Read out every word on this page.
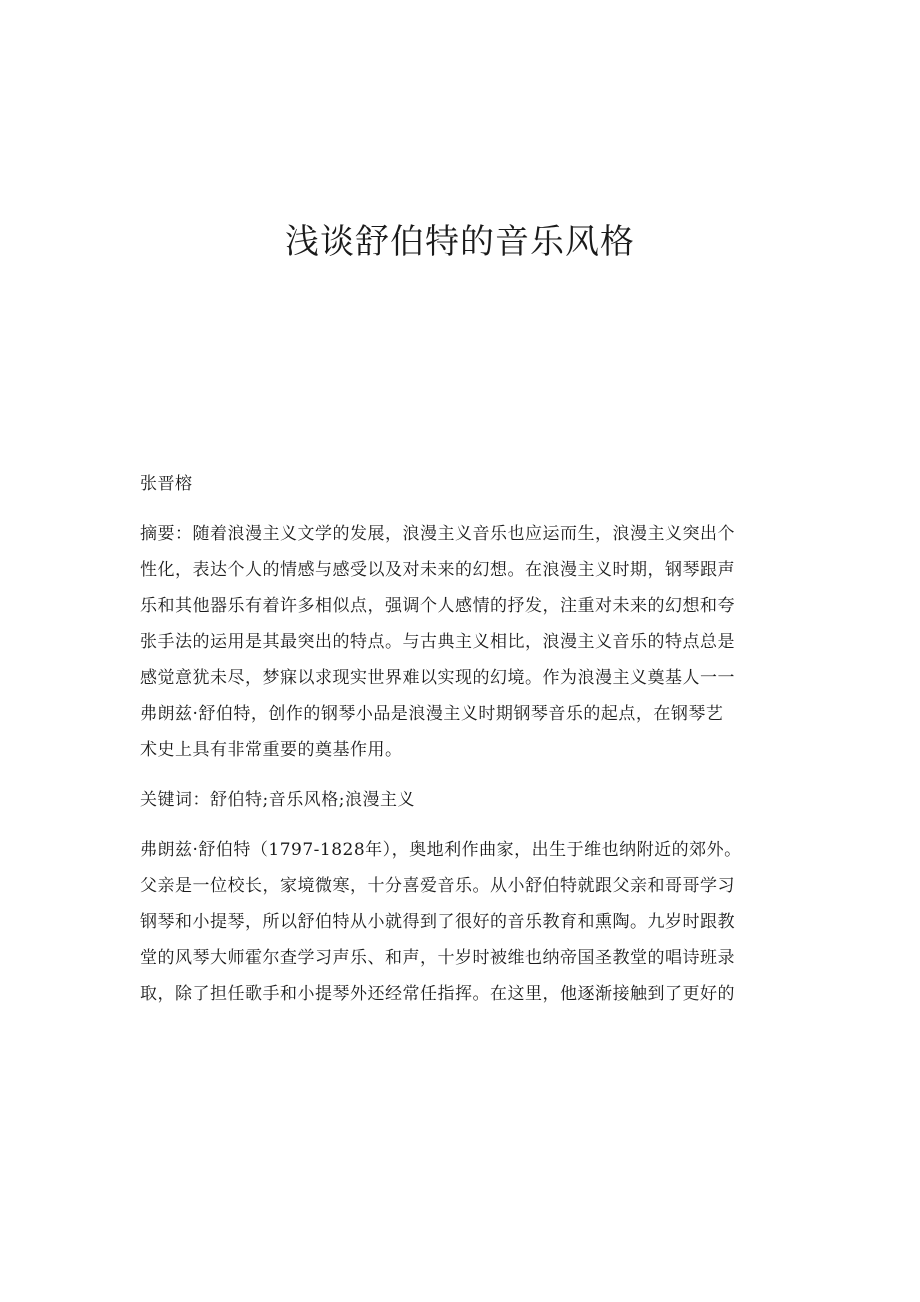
浅谈舒伯特的音乐风格

张晋榕

摘要：随着浪漫主义文学的发展，浪漫主义音乐也应运而生，浪漫主义突出个

性化，表达个人的情感与感受以及对未来的幻想。在浪漫主义时期，钢琴跟声

乐和其他器乐有着许多相似点，强调个人感情的抒发，注重对未来的幻想和夸

张手法的运用是其最突出的特点。与古典主义相比，浪漫主义音乐的特点总是

感觉意犹未尽，梦寐以求现实世界难以实现的幻境。作为浪漫主义奠基人一一

弗朗兹·舒伯特，创作的钢琴小品是浪漫主义时期钢琴音乐的起点，在钢琴艺

术史上具有非常重要的奠基作用。

关键词：舒伯特;音乐风格;浪漫主义

弗朗兹·舒伯特（1797-1828年），奥地利作曲家，出生于维也纳附近的郊外。

父亲是一位校长，家境微寒，十分喜爱音乐。从小舒伯特就跟父亲和哥哥学习

钢琴和小提琴，所以舒伯特从小就得到了很好的音乐教育和熏陶。九岁时跟教

堂的风琴大师霍尔查学习声乐、和声，十岁时被维也纳帝国圣教堂的唱诗班录

取，除了担任歌手和小提琴外还经常任指挥。在这里，他逐渐接触到了更好的
